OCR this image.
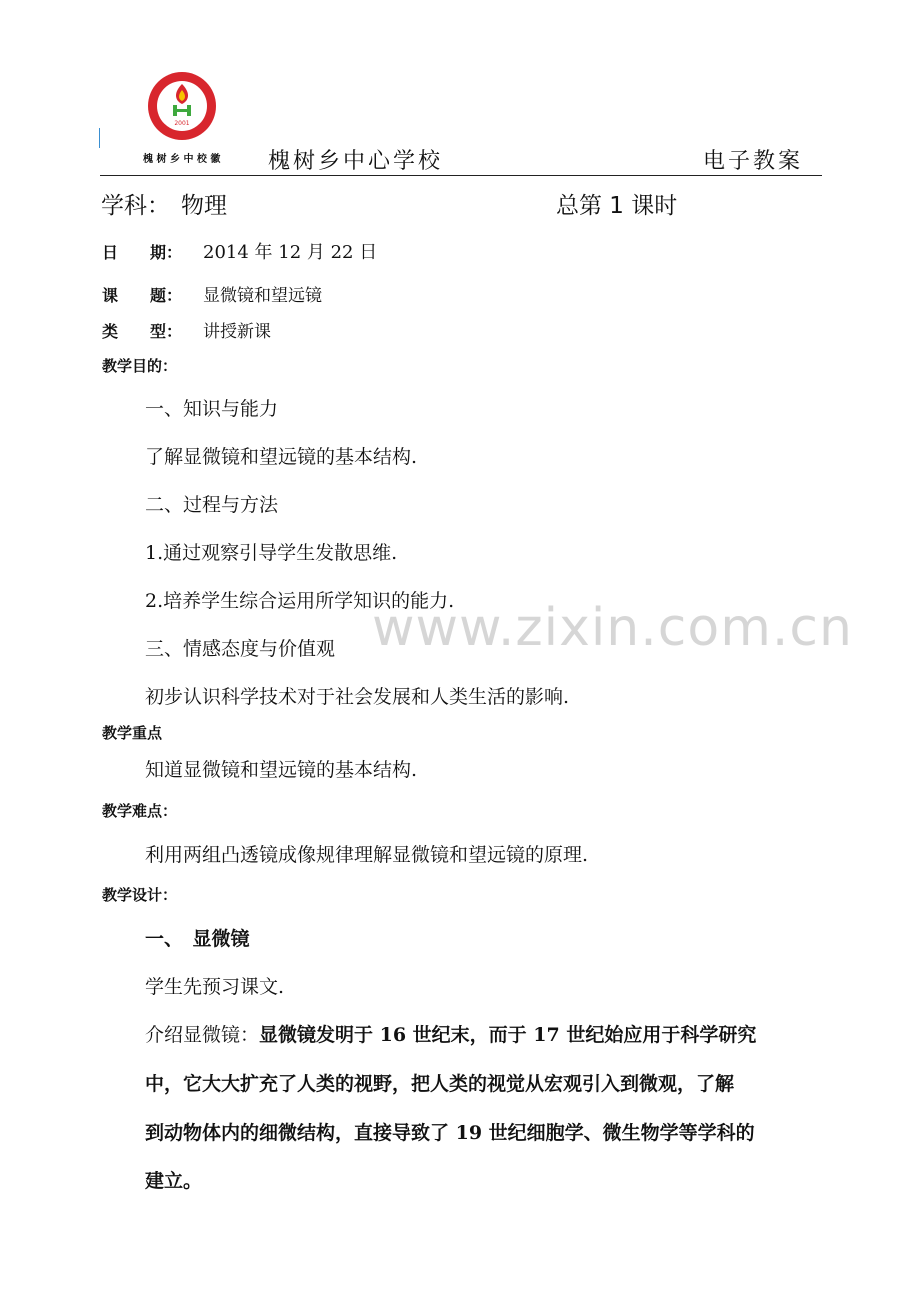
2001
槐 树 乡 中 校 徽 槐树乡中心学校	电子教案
学科： 物理	总第 1 课时
日　　期： 2014 年 12 月 22 日
课　　题： 显微镜和望远镜
类　　型： 讲授新课
教学目的：
一、知识与能力
了解显微镜和望远镜的基本结构.
二、过程与方法
1.通过观察引导学生发散思维.
2.培养学生综合运用所学知识的能力.
www.zixin.com.cn
三、情感态度与价值观
初步认识科学技术对于社会发展和人类生活的影响.
教学重点
知道显微镜和望远镜的基本结构.
教学难点：
利用两组凸透镜成像规律理解显微镜和望远镜的原理.
教学设计：
一、　显微镜
学生先预习课文.
介绍显微镜：显微镜发明于 16 世纪末，而于 17 世纪始应用于科学研究
中，它大大扩充了人类的视野，把人类的视觉从宏观引入到微观，了解
到动物体内的细微结构，直接导致了 19 世纪细胞学、微生物学等学科的
建立。
